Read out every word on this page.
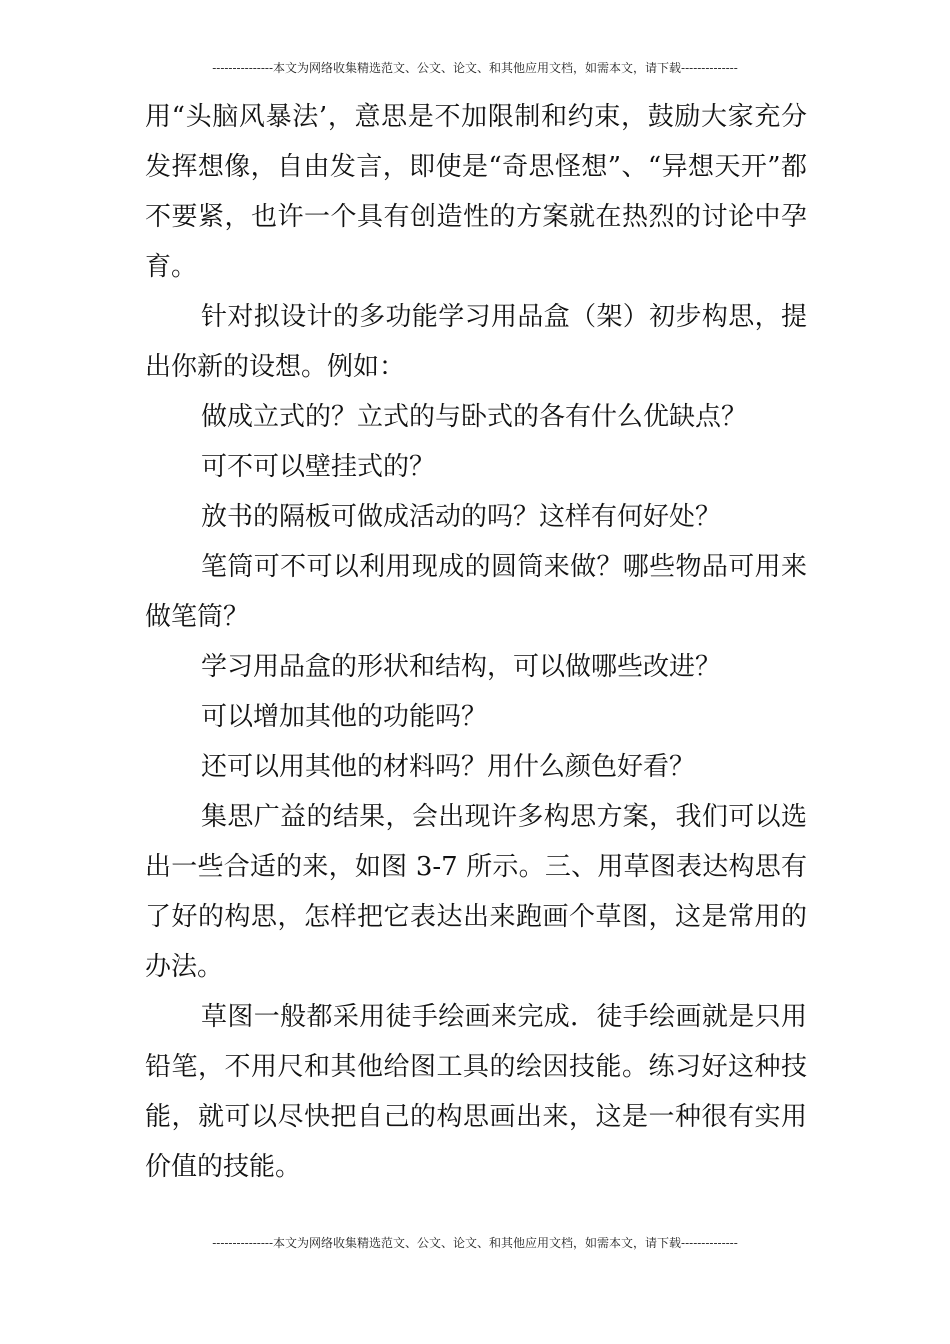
---------------本文为网络收集精选范文、公文、论文、和其他应用文档，如需本文，请下载--------------

用“头脑风暴法’，意思是不加限制和约束，鼓励大家充分发挥想像，自由发言，即使是“奇思怪想”、“异想天开”都不要紧，也许一个具有创造性的方案就在热烈的讨论中孕育。

针对拟设计的多功能学习用品盒（架）初步构思，提出你新的设想。例如：

做成立式的？立式的与卧式的各有什么优缺点？

可不可以壁挂式的？

放书的隔板可做成活动的吗？这样有何好处？

笔筒可不可以利用现成的圆筒来做？哪些物品可用来做笔筒？

学习用品盒的形状和结构，可以做哪些改进？

可以增加其他的功能吗？

还可以用其他的材料吗？用什么颜色好看？

集思广益的结果，会出现许多构思方案，我们可以选出一些合适的来，如图 3-7 所示。三、用草图表达构思有了好的构思，怎样把它表达出来跑画个草图，这是常用的办法。

草图一般都采用徒手绘画来完成．徒手绘画就是只用铅笔，不用尺和其他给图工具的绘因技能。练习好这种技能，就可以尽快把自己的构思画出来，这是一种很有实用价值的技能。

---------------本文为网络收集精选范文、公文、论文、和其他应用文档，如需本文，请下载--------------
